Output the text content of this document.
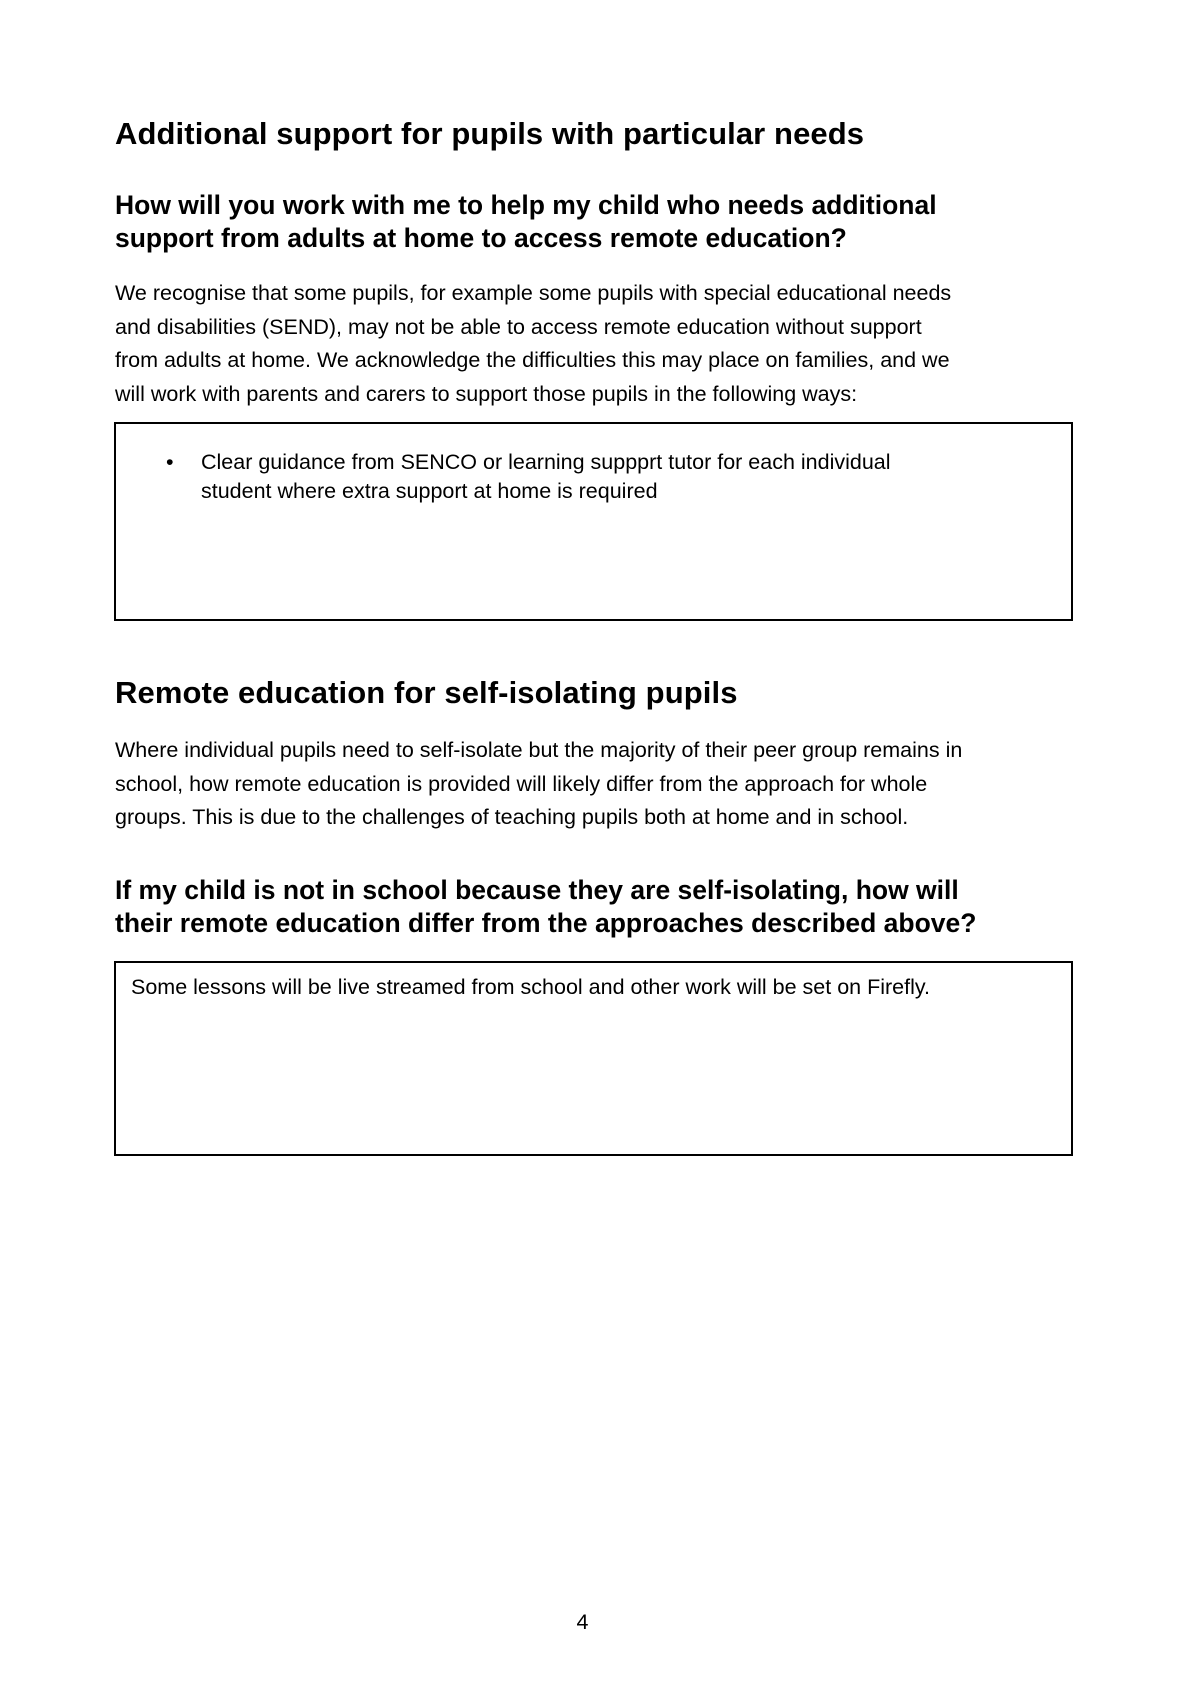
Additional support for pupils with particular needs
How will you work with me to help my child who needs additional
support from adults at home to access remote education?
We recognise that some pupils, for example some pupils with special educational needs
and disabilities (SEND), may not be able to access remote education without support
from adults at home. We acknowledge the difficulties this may place on families, and we
will work with parents and carers to support those pupils in the following ways:
•	Clear guidance from SENCO or learning suppprt tutor for each individual
student where extra support at home is required
Remote education for self-isolating pupils
Where individual pupils need to self-isolate but the majority of their peer group remains in
school, how remote education is provided will likely differ from the approach for whole
groups. This is due to the challenges of teaching pupils both at home and in school.
If my child is not in school because they are self-isolating, how will
their remote education differ from the approaches described above?
Some lessons will be live streamed from school and other work will be set on Firefly.
4
